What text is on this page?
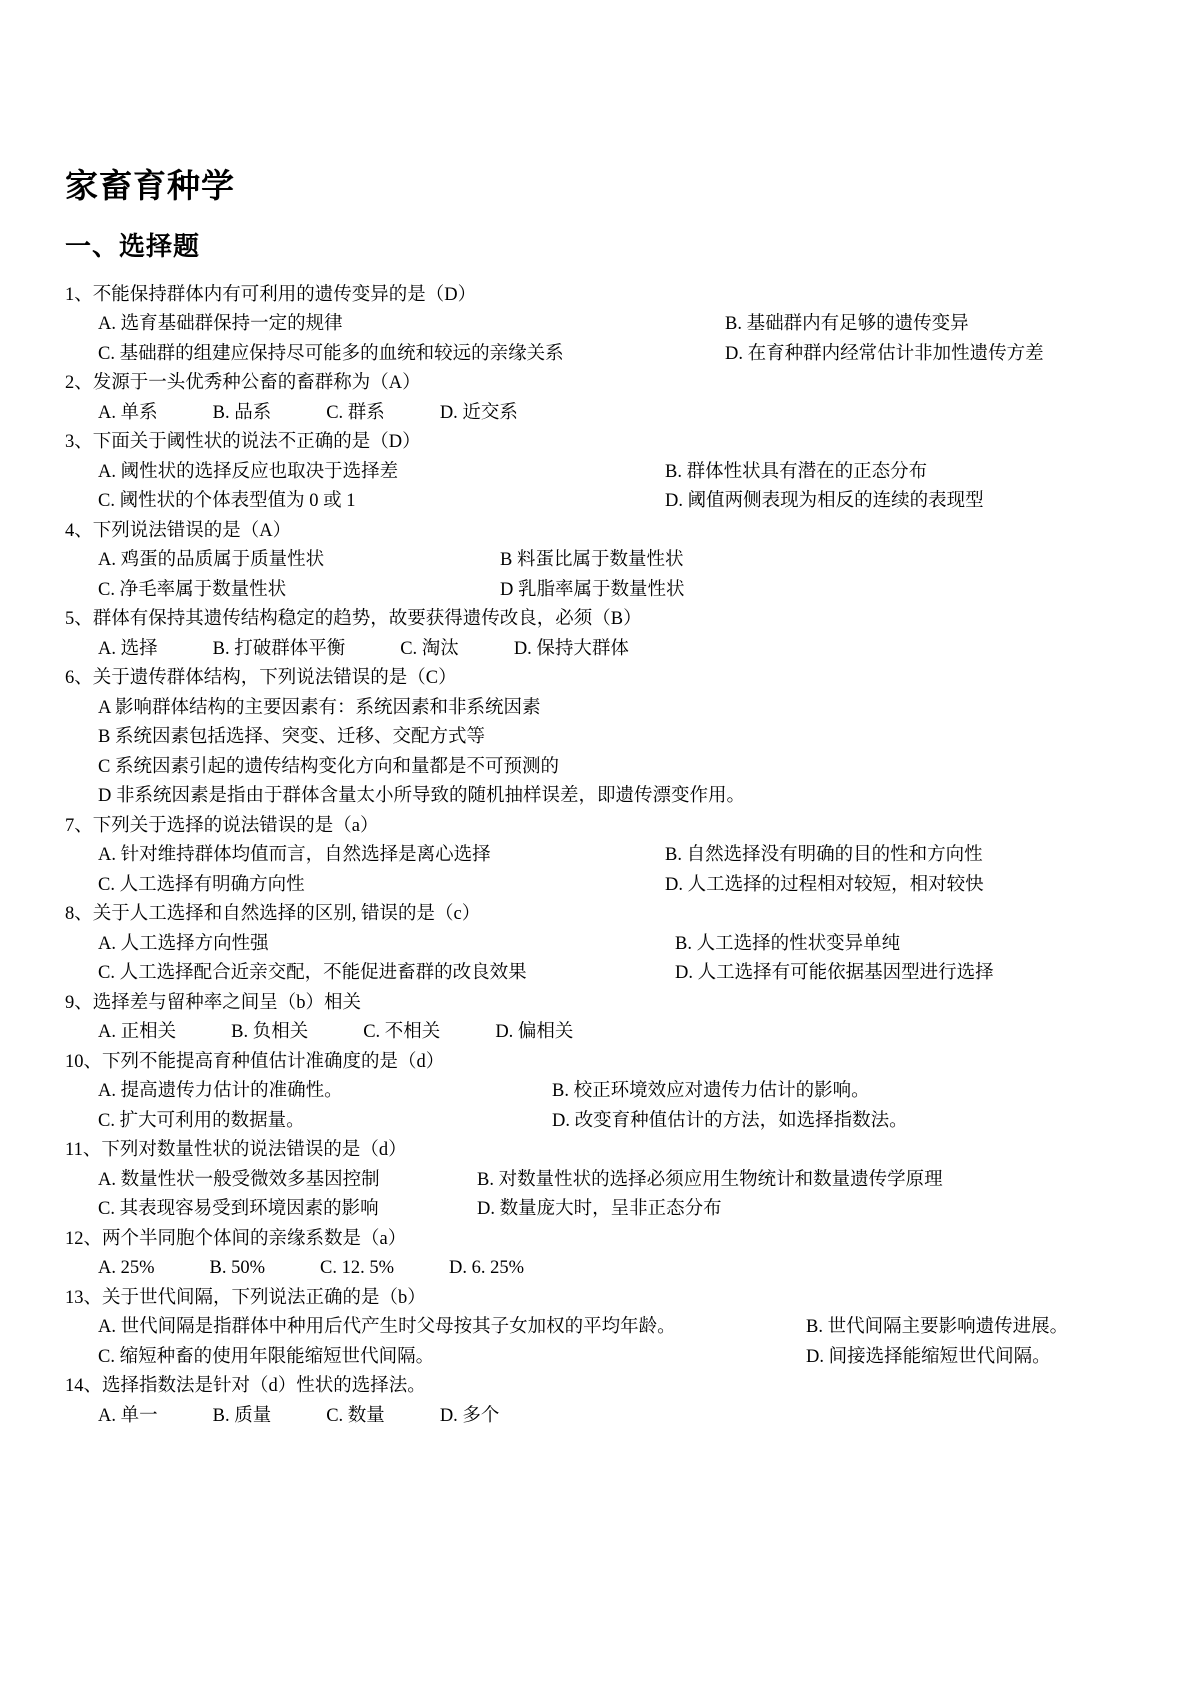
家畜育种学
一、选择题
1、不能保持群体内有可利用的遗传变异的是（D）
A. 选育基础群保持一定的规律	B. 基础群内有足够的遗传变异
C. 基础群的组建应保持尽可能多的血统和较远的亲缘关系	D. 在育种群内经常估计非加性遗传方差
2、发源于一头优秀种公畜的畜群称为（A）
A. 单系	B. 品系	C. 群系	D. 近交系
3、下面关于阈性状的说法不正确的是（D）
A. 阈性状的选择反应也取决于选择差	B. 群体性状具有潜在的正态分布
C. 阈性状的个体表型值为 0 或 1	D. 阈值两侧表现为相反的连续的表现型
4、下列说法错误的是（A）
A. 鸡蛋的品质属于质量性状	B 料蛋比属于数量性状
C. 净毛率属于数量性状	D 乳脂率属于数量性状
5、群体有保持其遗传结构稳定的趋势，故要获得遗传改良，必须（B）
A. 选择	B. 打破群体平衡	C. 淘汰	D. 保持大群体
6、关于遗传群体结构，下列说法错误的是（C）
A 影响群体结构的主要因素有：系统因素和非系统因素
B 系统因素包括选择、突变、迁移、交配方式等
C 系统因素引起的遗传结构变化方向和量都是不可预测的
D 非系统因素是指由于群体含量太小所导致的随机抽样误差，即遗传漂变作用。
7、下列关于选择的说法错误的是（a）
A. 针对维持群体均值而言，自然选择是离心选择	B. 自然选择没有明确的目的性和方向性
C. 人工选择有明确方向性	D. 人工选择的过程相对较短，相对较快
8、关于人工选择和自然选择的区别, 错误的是（c）
A. 人工选择方向性强	B. 人工选择的性状变异单纯
C. 人工选择配合近亲交配，不能促进畜群的改良效果	D. 人工选择有可能依据基因型进行选择
9、选择差与留种率之间呈（b）相关
A. 正相关	B. 负相关	C. 不相关	D. 偏相关
10、下列不能提高育种值估计准确度的是（d）
A. 提高遗传力估计的准确性。	B. 校正环境效应对遗传力估计的影响。
C. 扩大可利用的数据量。	D. 改变育种值估计的方法，如选择指数法。
11、下列对数量性状的说法错误的是（d）
A. 数量性状一般受微效多基因控制	B. 对数量性状的选择必须应用生物统计和数量遗传学原理
C. 其表现容易受到环境因素的影响	D. 数量庞大时，呈非正态分布
12、两个半同胞个体间的亲缘系数是（a）
A. 25%	B. 50%	C. 12. 5%	D. 6. 25%
13、关于世代间隔，下列说法正确的是（b）
A. 世代间隔是指群体中种用后代产生时父母按其子女加权的平均年龄。	B. 世代间隔主要影响遗传进展。
C. 缩短种畜的使用年限能缩短世代间隔。	D. 间接选择能缩短世代间隔。
14、选择指数法是针对（d）性状的选择法。
A. 单一	B. 质量	C. 数量	D. 多个
